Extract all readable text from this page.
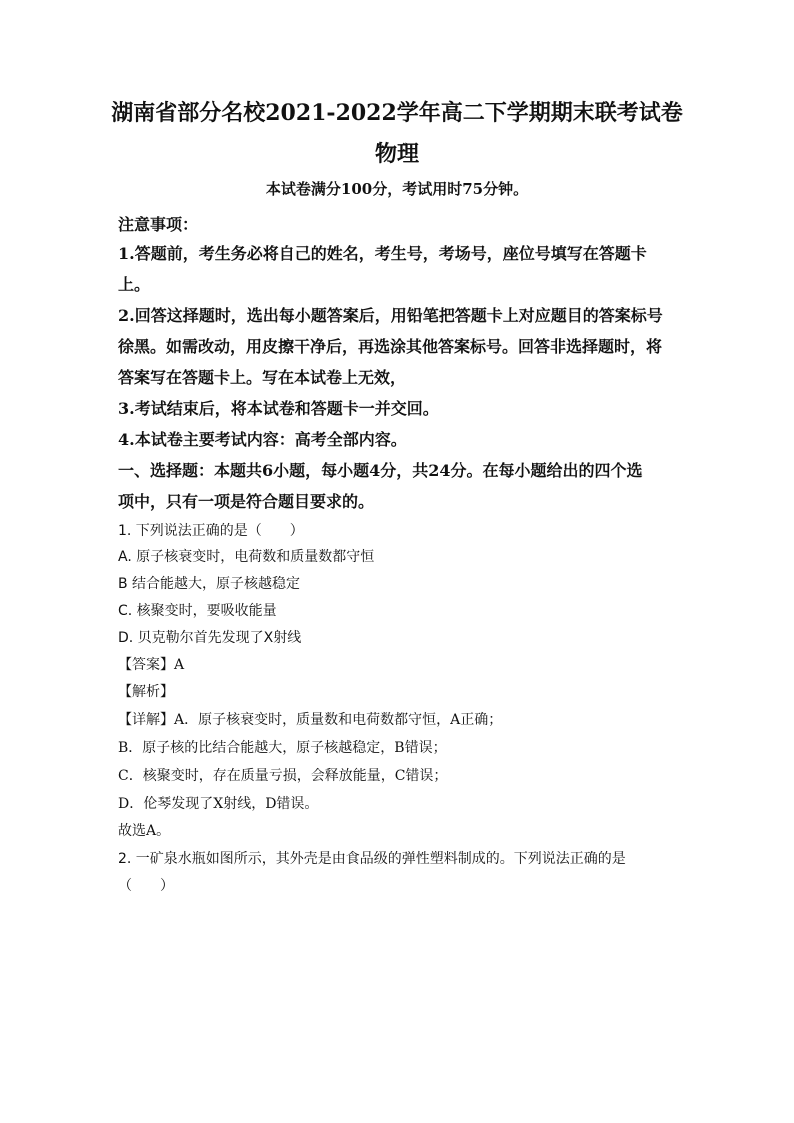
湖南省部分名校2021-2022学年高二下学期期末联考试卷
物理
本试卷满分100分，考试用时75分钟。
注意事项：
1.答题前，考生务必将自己的姓名，考生号，考场号，座位号填写在答题卡
上。
2.回答这择题时，选出每小题答案后，用铅笔把答题卡上对应题目的答案标号
徐黑。如需改动，用皮擦干净后，再选涂其他答案标号。回答非选择题时，将
答案写在答题卡上。写在本试卷上无效，
3.考试结束后，将本试卷和答题卡一并交回。
4.本试卷主要考试内容：高考全部内容。
一、选择题：本题共6小题，每小题4分，共24分。在每小题给出的四个选
项中，只有一项是符合题目要求的。
1. 下列说法正确的是（　　）
A. 原子核衰变时，电荷数和质量数都守恒
B 结合能越大，原子核越稳定
C. 核聚变时，要吸收能量
D. 贝克勒尔首先发现了X射线
【答案】A
【解析】
【详解】A．原子核衰变时，质量数和电荷数都守恒，A正确；
B．原子核的比结合能越大，原子核越稳定，B错误；
C．核聚变时，存在质量亏损，会释放能量，C错误；
D．伦琴发现了X射线，D错误。
故选A。
2. 一矿泉水瓶如图所示，其外壳是由食品级的弹性塑料制成的。下列说法正确的是
（　　）
